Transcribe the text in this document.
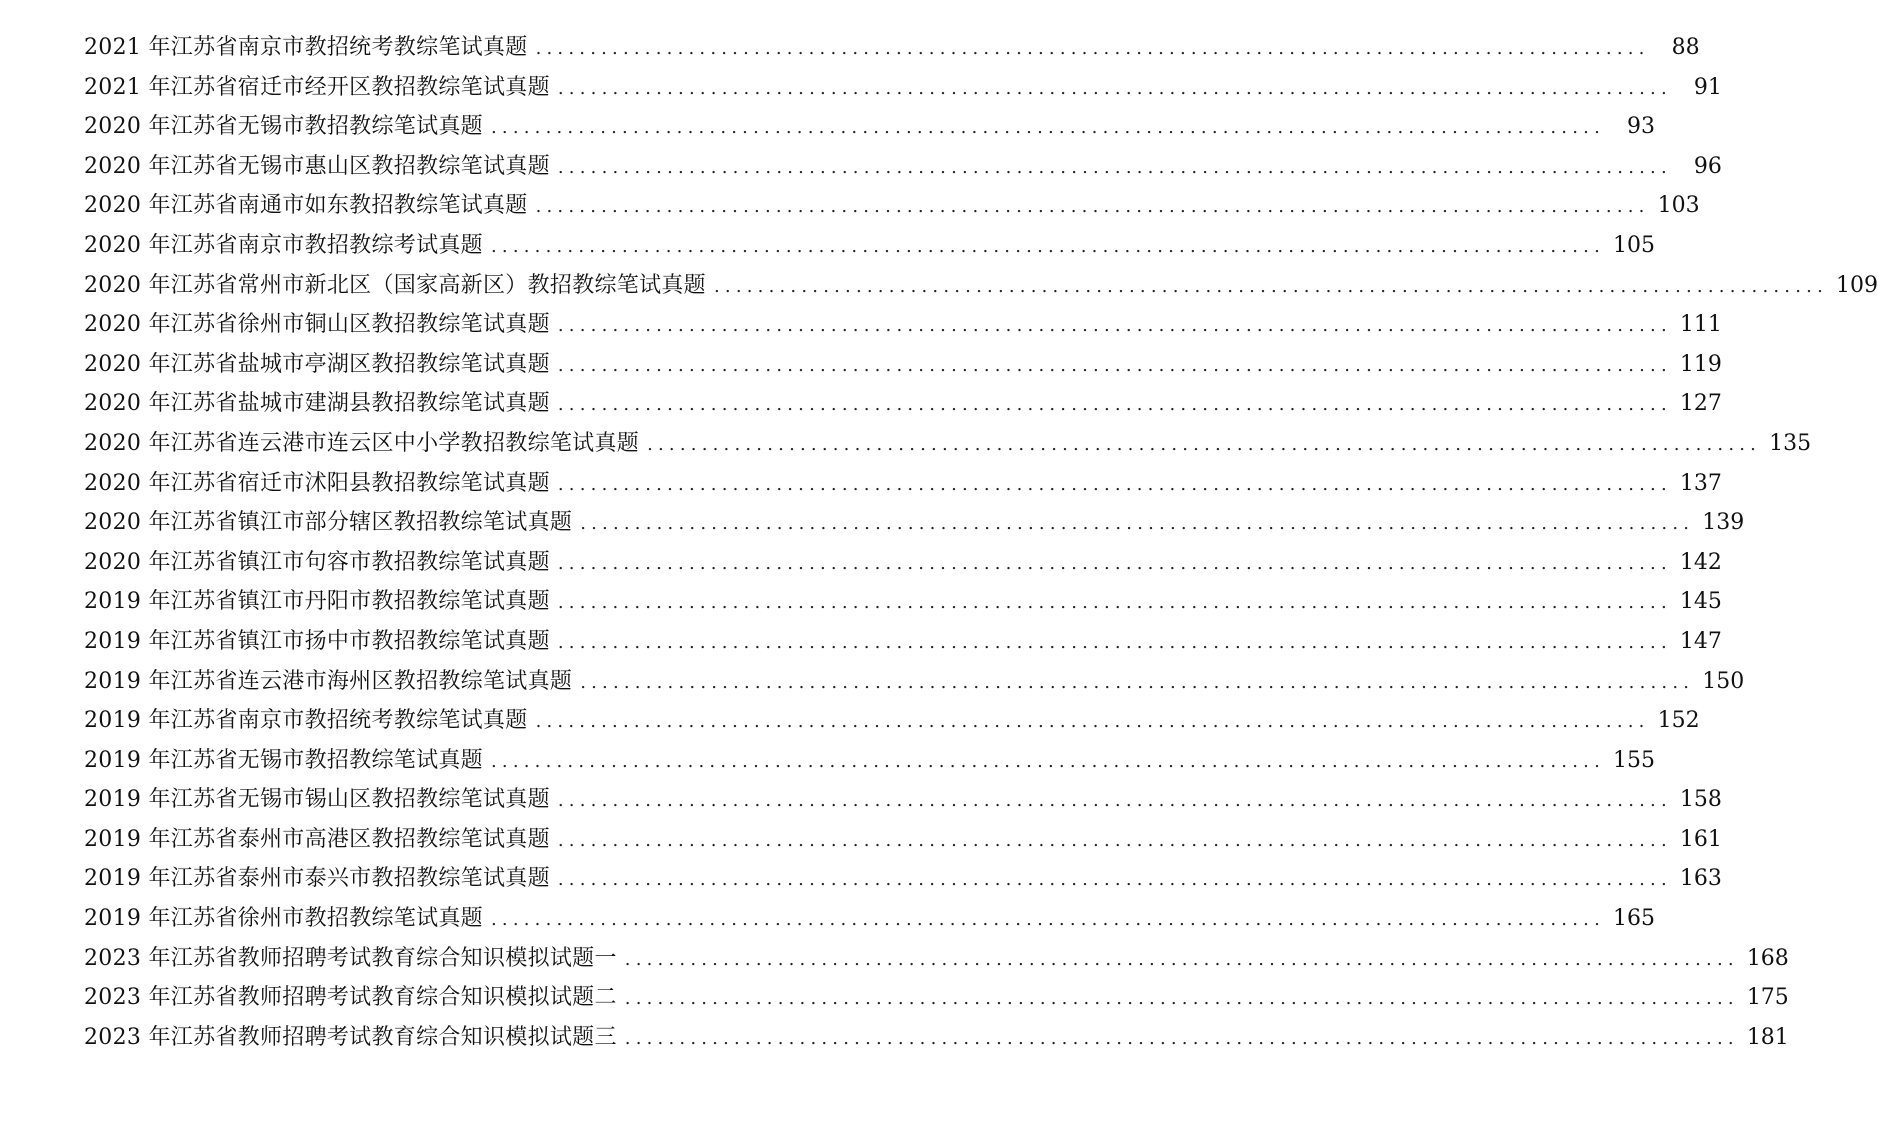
2021 年江苏省南京市教招统考教综笔试真题 ......................................................................................................	88
2021 年江苏省宿迁市经开区教招教综笔试真题 ......................................................................................................	91
2020 年江苏省无锡市教招教综笔试真题 ......................................................................................................	93
2020 年江苏省无锡市惠山区教招教综笔试真题 ......................................................................................................	96
2020 年江苏省南通市如东教招教综笔试真题 ...................................................................................................... 103
2020 年江苏省南京市教招教综考试真题 ...................................................................................................... 105
2020 年江苏省常州市新北区（国家高新区）教招教综笔试真题 ...................................................................................................... 109
2020 年江苏省徐州市铜山区教招教综笔试真题 ...................................................................................................... 111
2020 年江苏省盐城市亭湖区教招教综笔试真题 ...................................................................................................... 119
2020 年江苏省盐城市建湖县教招教综笔试真题 ...................................................................................................... 127
2020 年江苏省连云港市连云区中小学教招教综笔试真题 ...................................................................................................... 135
2020 年江苏省宿迁市沭阳县教招教综笔试真题 ...................................................................................................... 137
2020 年江苏省镇江市部分辖区教招教综笔试真题 ...................................................................................................... 139
2020 年江苏省镇江市句容市教招教综笔试真题 ...................................................................................................... 142
2019 年江苏省镇江市丹阳市教招教综笔试真题 ...................................................................................................... 145
2019 年江苏省镇江市扬中市教招教综笔试真题 ...................................................................................................... 147
2019 年江苏省连云港市海州区教招教综笔试真题 ...................................................................................................... 150
2019 年江苏省南京市教招统考教综笔试真题 ...................................................................................................... 152
2019 年江苏省无锡市教招教综笔试真题 ...................................................................................................... 155
2019 年江苏省无锡市锡山区教招教综笔试真题 ...................................................................................................... 158
2019 年江苏省泰州市高港区教招教综笔试真题 ...................................................................................................... 161
2019 年江苏省泰州市泰兴市教招教综笔试真题 ...................................................................................................... 163
2019 年江苏省徐州市教招教综笔试真题 ...................................................................................................... 165
2023 年江苏省教师招聘考试教育综合知识模拟试题一 ...................................................................................................... 168
2023 年江苏省教师招聘考试教育综合知识模拟试题二 ...................................................................................................... 175
2023 年江苏省教师招聘考试教育综合知识模拟试题三 ...................................................................................................... 181
